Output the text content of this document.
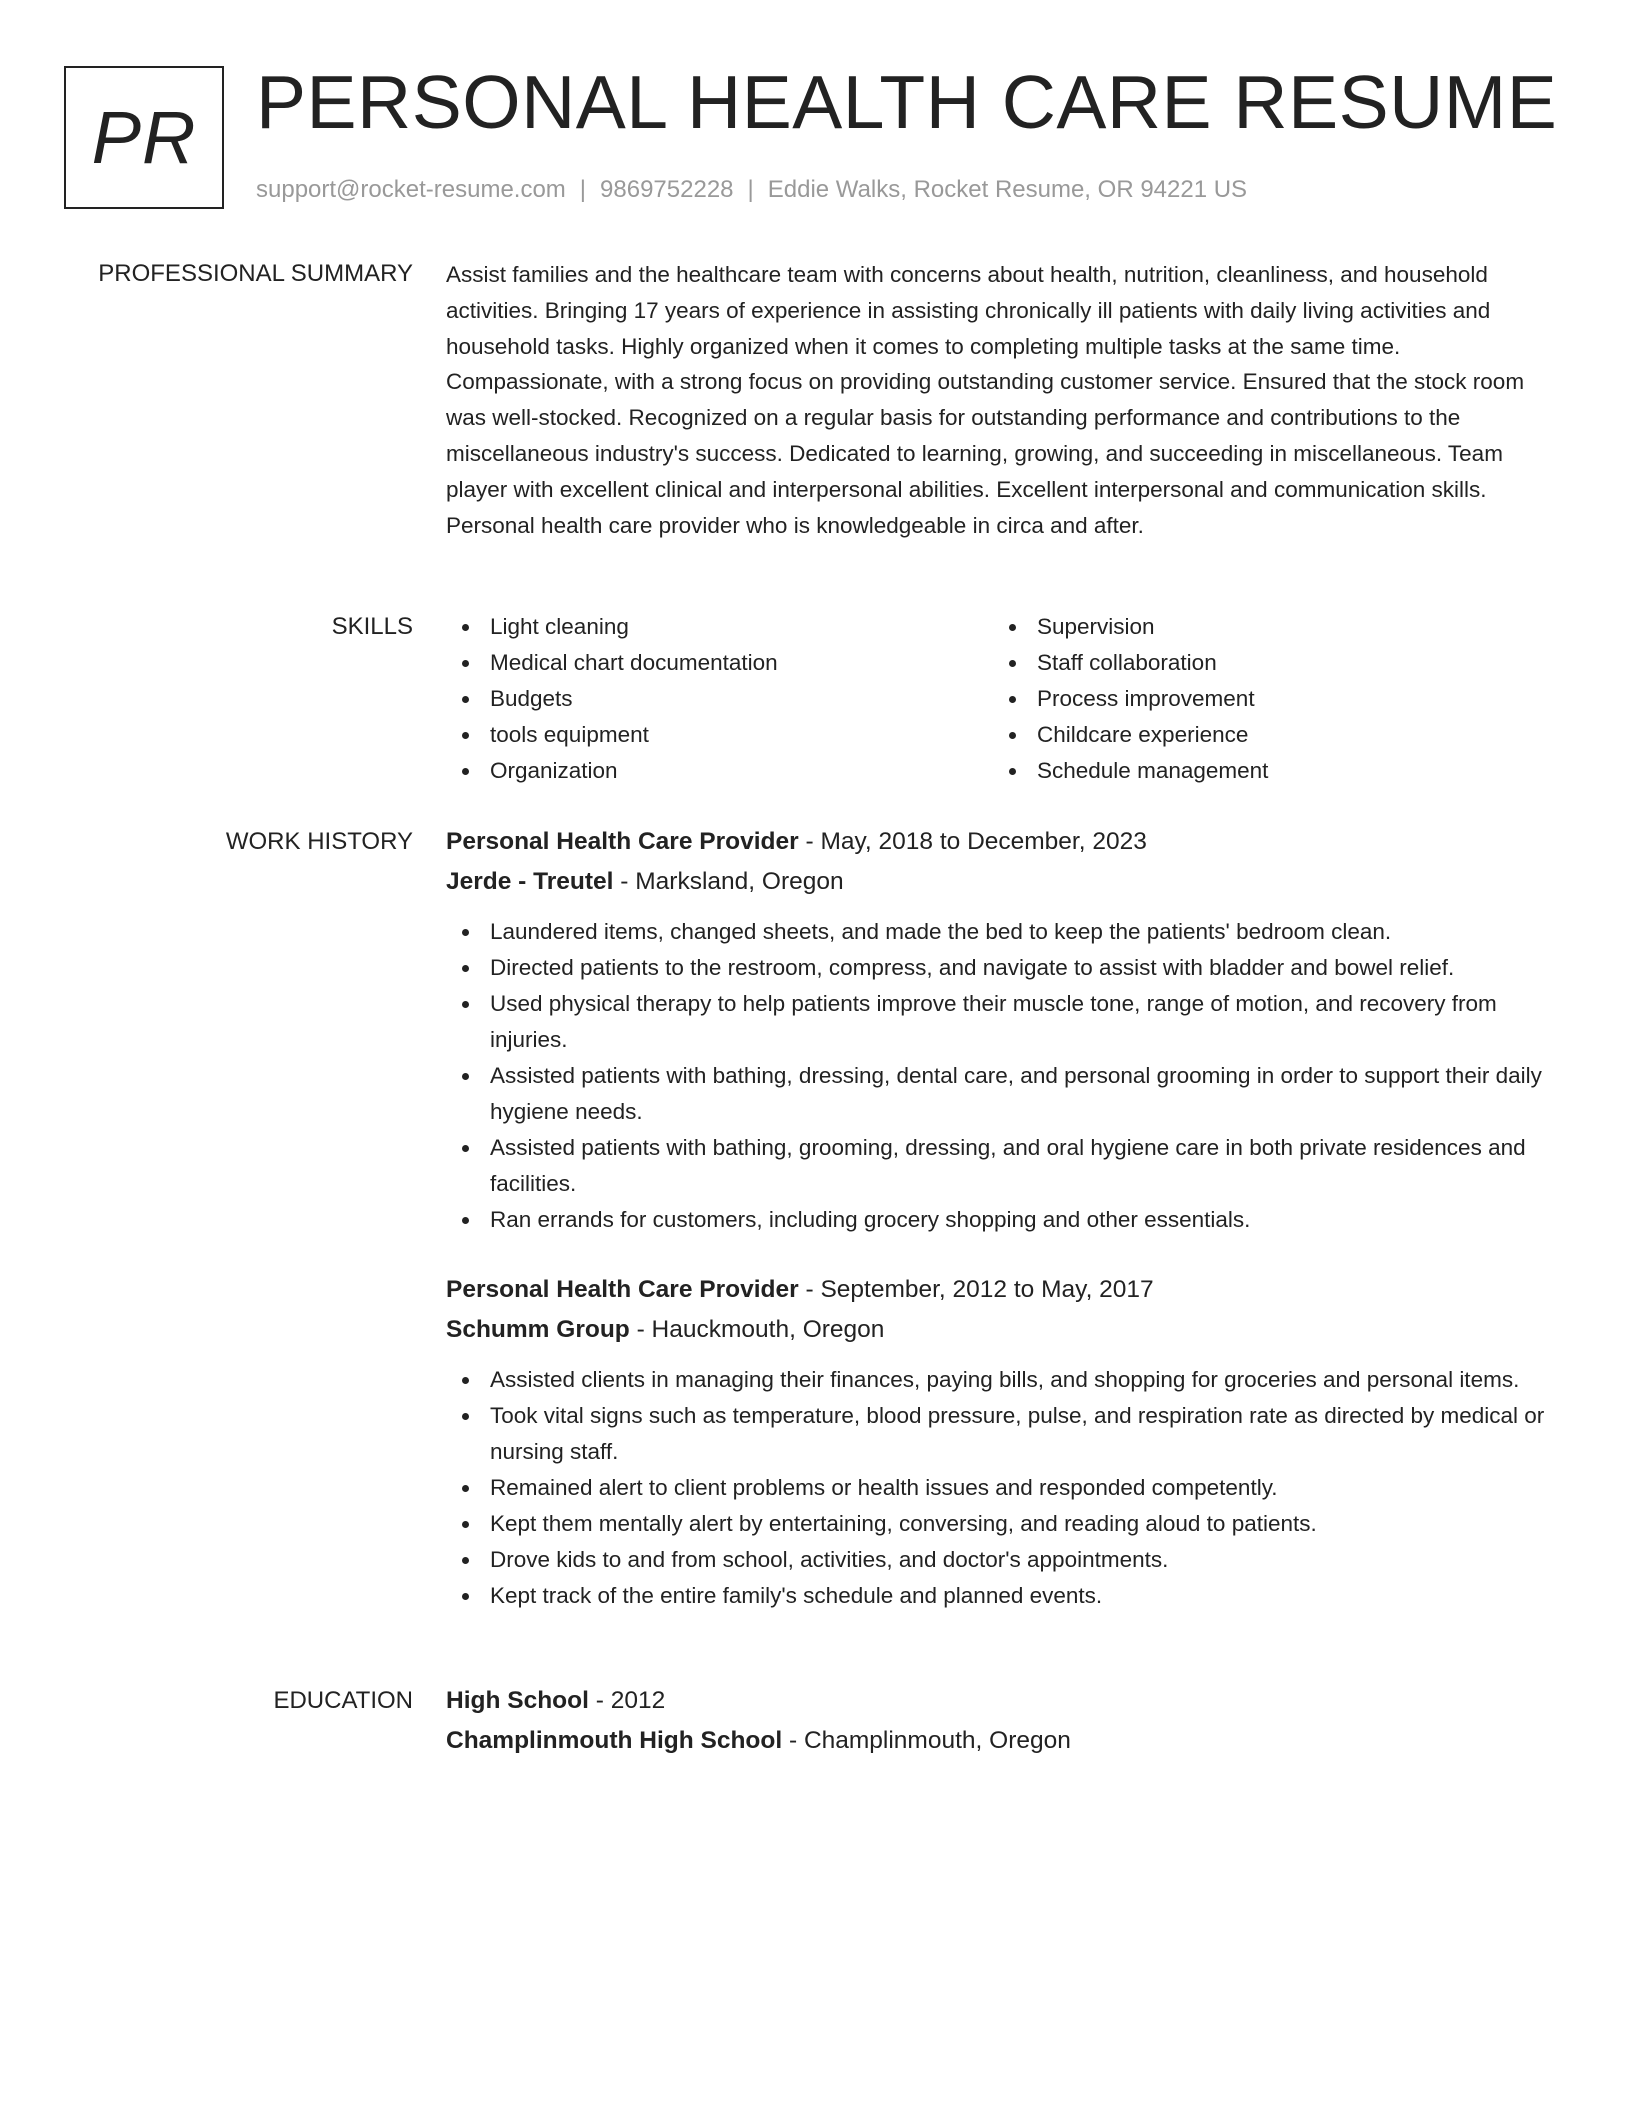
PR PERSONAL HEALTH CARE RESUME
support@rocket-resume.com | 9869752228 | Eddie Walks, Rocket Resume, OR 94221 US
PROFESSIONAL SUMMARY Assist families and the healthcare team with concerns about health, nutrition, cleanliness, and household activities. Bringing 17 years of experience in assisting chronically ill patients with daily living activities and household tasks. Highly organized when it comes to completing multiple tasks at the same time. Compassionate, with a strong focus on providing outstanding customer service. Ensured that the stock room was well-stocked. Recognized on a regular basis for outstanding performance and contributions to the miscellaneous industry's success. Dedicated to learning, growing, and succeeding in miscellaneous. Team player with excellent clinical and interpersonal abilities. Excellent interpersonal and communication skills. Personal health care provider who is knowledgeable in circa and after.
SKILLS	Light cleaning
Medical chart documentation
Budgets
tools equipment
Organization
Supervision
Staff collaboration
Process improvement
Childcare experience
Schedule management
WORK HISTORY Personal Health Care Provider - May, 2018 to December, 2023
Jerde - Treutel - Marksland, Oregon
Laundered items, changed sheets, and made the bed to keep the patients' bedroom clean.
Directed patients to the restroom, compress, and navigate to assist with bladder and bowel relief.
Used physical therapy to help patients improve their muscle tone, range of motion, and recovery from injuries.
Assisted patients with bathing, dressing, dental care, and personal grooming in order to support their daily hygiene needs.
Assisted patients with bathing, grooming, dressing, and oral hygiene care in both private residences and facilities.
Ran errands for customers, including grocery shopping and other essentials.
Personal Health Care Provider - September, 2012 to May, 2017
Schumm Group - Hauckmouth, Oregon
Assisted clients in managing their finances, paying bills, and shopping for groceries and personal items.
Took vital signs such as temperature, blood pressure, pulse, and respiration rate as directed by medical or nursing staff.
Remained alert to client problems or health issues and responded competently.
Kept them mentally alert by entertaining, conversing, and reading aloud to patients.
Drove kids to and from school, activities, and doctor's appointments.
Kept track of the entire family's schedule and planned events.
EDUCATION High School - 2012
Champlinmouth High School - Champlinmouth, Oregon
